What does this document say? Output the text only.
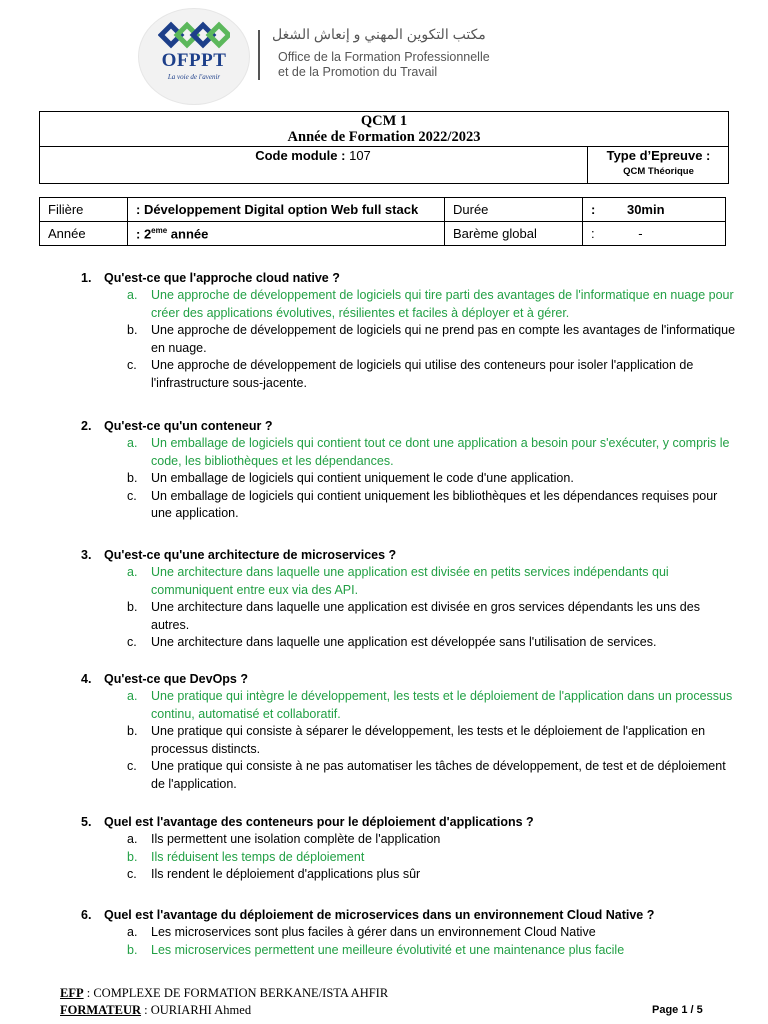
OFPPT
La voie de l'avenir
مكتب التكوين المهني و إنعاش الشغل
Office de la Formation Professionnelle
et de la Promotion du Travail
QCM 1
Année de Formation 2022/2023
Code module : 107	Type d’Epreuve :
QCM Théorique
Filière	: Développement Digital option Web full stack	Durée	: 30min
Année	: 2eme année	Barème global	: -
1.	Qu'est-ce que l'approche cloud native ?
a.	Une approche de développement de logiciels qui tire parti des avantages de l'informatique en nuage pour créer des applications évolutives, résilientes et faciles à déployer et à gérer.
b.	Une approche de développement de logiciels qui ne prend pas en compte les avantages de l'informatique en nuage.
c.	Une approche de développement de logiciels qui utilise des conteneurs pour isoler l'application de l'infrastructure sous-jacente.
2.	Qu'est-ce qu'un conteneur ?
a.	Un emballage de logiciels qui contient tout ce dont une application a besoin pour s'exécuter, y compris le code, les bibliothèques et les dépendances.
b.	Un emballage de logiciels qui contient uniquement le code d'une application.
c.	Un emballage de logiciels qui contient uniquement les bibliothèques et les dépendances requises pour une application.
3.	Qu'est-ce qu'une architecture de microservices ?
a.	Une architecture dans laquelle une application est divisée en petits services indépendants qui communiquent entre eux via des API.
b.	Une architecture dans laquelle une application est divisée en gros services dépendants les uns des autres.
c.	Une architecture dans laquelle une application est développée sans l'utilisation de services.
4.	Qu'est-ce que DevOps ?
a.	Une pratique qui intègre le développement, les tests et le déploiement de l'application dans un processus continu, automatisé et collaboratif.
b.	Une pratique qui consiste à séparer le développement, les tests et le déploiement de l'application en processus distincts.
c.	Une pratique qui consiste à ne pas automatiser les tâches de développement, de test et de déploiement de l'application.
5.	Quel est l'avantage des conteneurs pour le déploiement d'applications ?
a.	Ils permettent une isolation complète de l'application
b.	Ils réduisent les temps de déploiement
c.	Ils rendent le déploiement d'applications plus sûr
6.	Quel est l'avantage du déploiement de microservices dans un environnement Cloud Native ?
a.	Les microservices sont plus faciles à gérer dans un environnement Cloud Native
b.	Les microservices permettent une meilleure évolutivité et une maintenance plus facile
EFP : COMPLEXE DE FORMATION BERKANE/ISTA AHFIR
FORMATEUR : OURIARHI Ahmed	Page 1 / 5
